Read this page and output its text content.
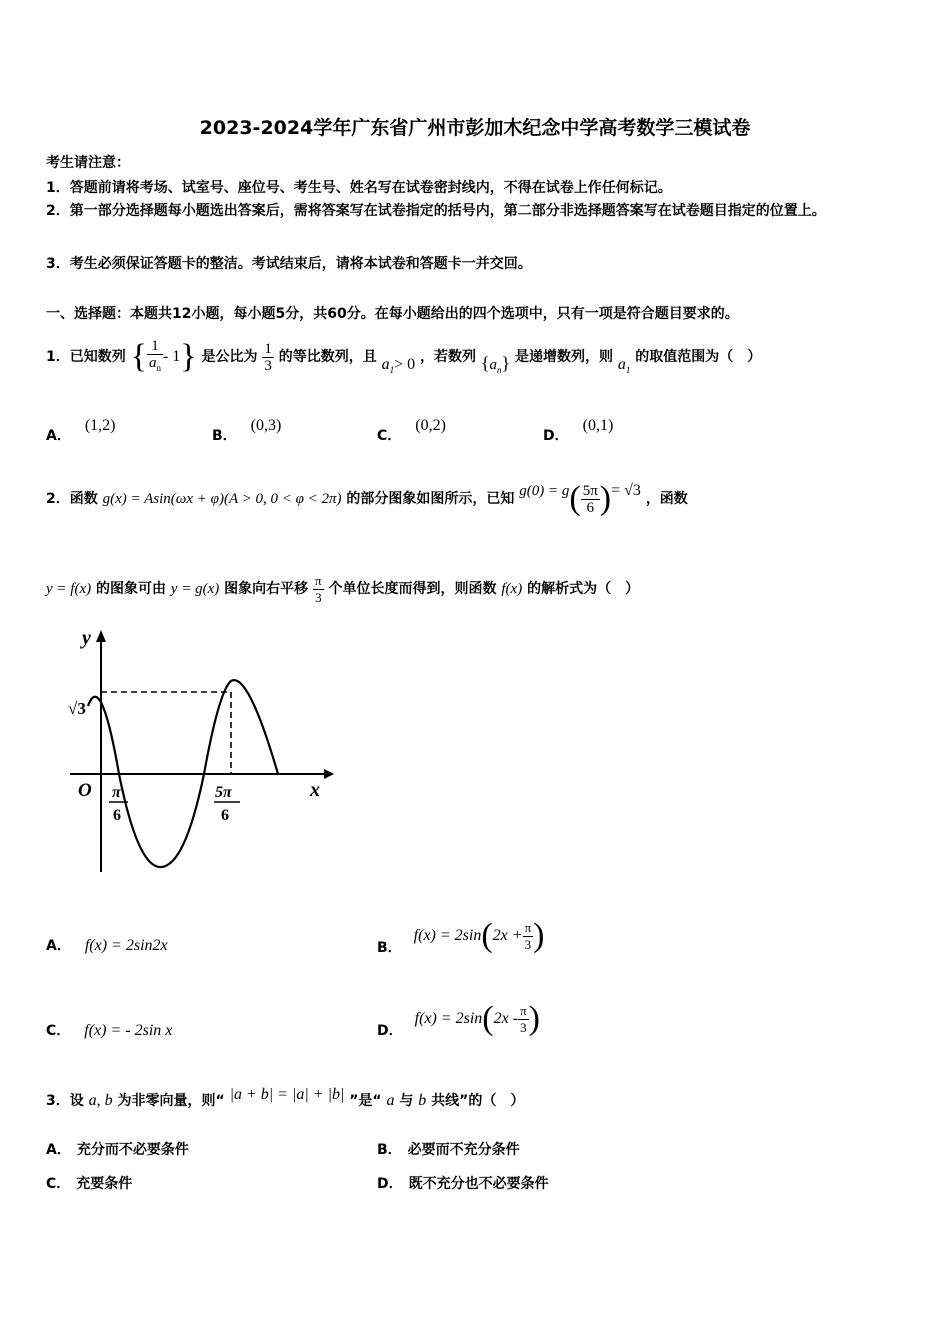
2023-2024学年广东省广州市彭加木纪念中学高考数学三模试卷
考生请注意：
1．答题前请将考场、试室号、座位号、考生号、姓名写在试卷密封线内，不得在试卷上作任何标记。
2．第一部分选择题每小题选出答案后，需将答案写在试卷指定的括号内，第二部分非选择题答案写在试卷题目指定的位置上。
3．考生必须保证答题卡的整洁。考试结束后，请将本试卷和答题卡一并交回。
一、选择题：本题共12小题，每小题5分，共60分。在每小题给出的四个选项中，只有一项是符合题目要求的。
1．已知数列 { $\frac{1}{a_n} - 1$} 是公比为 $\frac{1}{3}$ 的等比数列，且 $a_1> 0$ ，若数列 $\{a_n\}$ 是递增数列，则 $a_1$ 的取值范围为（　）
A．(1,2)
B．(0,3)
C．(0,2)
D．(0,1)
2．函数 g(x) = Asin(ωx + φ)(A > 0, 0 < φ < 2π) 的部分图象如图所示，已知 $g(0) = g( \frac{5\pi}{6}$ )= √3 ，函数
y = f(x) 的图象可由 y = g(x) 图象向右平移 $\frac{\pi}{3}$ 个单位长度而得到，则函数 f(x) 的解析式为（　）
y
x
O
√3
π
6
5π
6
A． f(x) = 2sin2x	B．$f(x) = 2\sin(2x + \frac{\pi}{3}$ )
C． f(x) = - 2sin x	D．$f(x) = 2\sin(2x - \frac{\pi}{3}$ )
3．设 a, b 为非零向量，则“ |a + b| = |a| + |b| ”是“ a 与 b 共线”的（　）
A． 充分而不必要条件	B． 必要而不充分条件
C． 充要条件	D． 既不充分也不必要条件
